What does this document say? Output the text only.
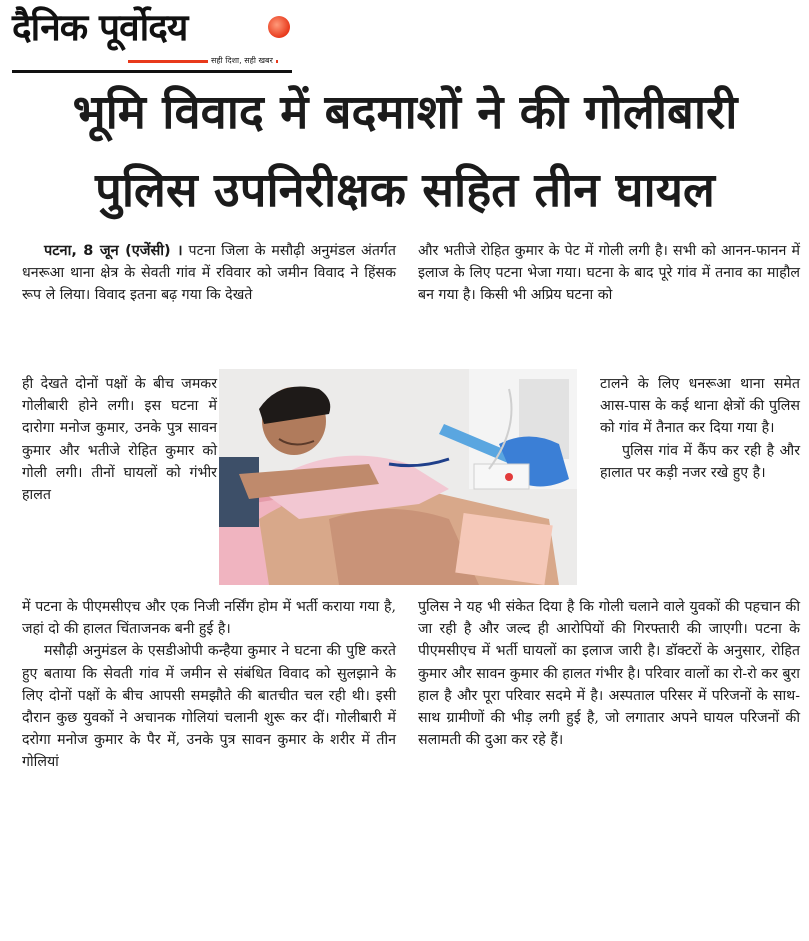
दैनिक पूर्वोदय
सही दिशा, सही खबर
भूमि विवाद में बदमाशों ने की गोलीबारी
पुलिस उपनिरीक्षक सहित तीन घायल

पटना, 8 जून (एजेंसी) । पटना जिला के मसौढ़ी अनुमंडल अंतर्गत धनरूआ थाना क्षेत्र के सेवती गांव में रविवार को जमीन विवाद ने हिंसक रूप ले लिया। विवाद इतना बढ़ गया कि देखते

ही देखते दोनों पक्षों के बीच जमकर गोलीबारी होने लगी। इस घटना में दारोगा मनोज कुमार, उनके पुत्र सावन कुमार और भतीजे रोहित कुमार को गोली लगी। तीनों घायलों को गंभीर हालत

में पटना के पीएमसीएच और एक निजी नर्सिंग होम में भर्ती कराया गया है, जहां दो की हालत चिंताजनक बनी हुई है।
मसौढ़ी अनुमंडल के एसडीओपी कन्हैया कुमार ने घटना की पुष्टि करते हुए बताया कि सेवती गांव में जमीन से संबंधित विवाद को सुलझाने के लिए दोनों पक्षों के बीच आपसी समझौते की बातचीत चल रही थी। इसी दौरान कुछ युवकों ने अचानक गोलियां चलानी शुरू कर दीं। गोलीबारी में दरोगा मनोज कुमार के पैर में, उनके पुत्र सावन कुमार के शरीर में तीन गोलियां

और भतीजे रोहित कुमार के पेट में गोली लगी है। सभी को आनन-फानन में इलाज के लिए पटना भेजा गया। घटना के बाद पूरे गांव में तनाव का माहौल बन गया है। किसी भी अप्रिय घटना को

टालने के लिए धनरूआ थाना समेत आस-पास के कई थाना क्षेत्रों की पुलिस को गांव में तैनात कर दिया गया है।
पुलिस गांव में कैंप कर रही है और हालात पर कड़ी नजर रखे हुए है।

पुलिस ने यह भी संकेत दिया है कि गोली चलाने वाले युवकों की पहचान की जा रही है और जल्द ही आरोपियों की गिरफ्तारी की जाएगी। पटना के पीएमसीएच में भर्ती घायलों का इलाज जारी है। डॉक्टरों के अनुसार, रोहित कुमार और सावन कुमार की हालत गंभीर है। परिवार वालों का रो-रो कर बुरा हाल है और पूरा परिवार सदमे में है। अस्पताल परिसर में परिजनों के साथ-साथ ग्रामीणों की भीड़ लगी हुई है, जो लगातार अपने घायल परिजनों की सलामती की दुआ कर रहे हैं।
